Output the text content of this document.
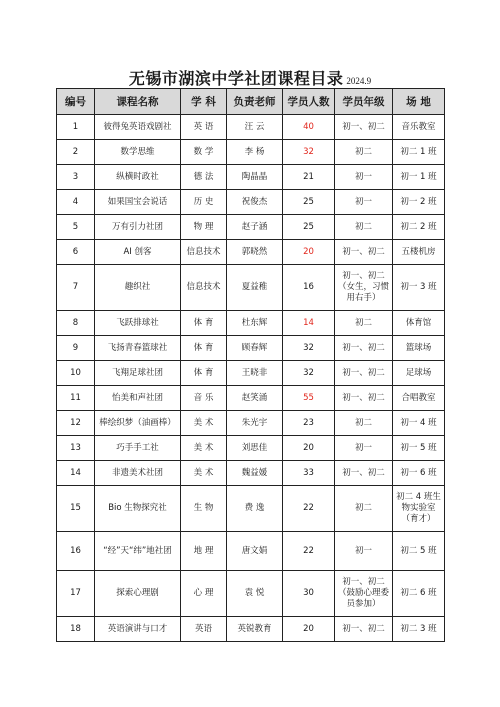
无锡市湖滨中学社团课程目录 2024.9
编号	课程名称	学 科	负责老师	学员人数	学员年级	场 地
1	彼得兔英语戏剧社	英 语	汪 云	40	初一、初二	音乐教室
2	数学思维	数 学	李 杨	32	初二	初二 1 班
3	纵横时政社	德 法	陶晶晶	21	初一	初一 1 班
4	如果国宝会说话	历 史	祝俊杰	25	初一	初一 2 班
5	万有引力社团	物 理	赵子涵	25	初二	初二 2 班
6	AI 创客	信息技术	郭晓然	20	初一、初二	五楼机房
7	趣织社	信息技术	夏益稚	16	初一、初二（女生，习惯用右手）	初一 3 班
8	飞跃排球社	体 育	杜东辉	14	初二	体育馆
9	飞扬青春篮球社	体 育	顾春辉	32	初一、初二	篮球场
10	飞翔足球社团	体 育	王晓非	32	初一、初二	足球场
11	怡美和声社团	音 乐	赵笑涌	55	初一、初二	合唱教室
12	棒绘织梦（油画棒）	美 术	朱光宇	23	初二	初一 4 班
13	巧手手工社	美 术	刘思佳	20	初一	初一 5 班
14	非遗美术社团	美 术	魏益媛	33	初一、初二	初一 6 班
15	Bio 生物探究社	生 物	费 逸	22	初二	初二 4 班生物实验室（育才）
16	“经”天“纬”地社团	地 理	唐文娟	22	初一	初二 5 班
17	探索心理剧	心 理	袁 悦	30	初一、初二（鼓励心理委员参加）	初二 6 班
18	英语演讲与口才	英语	英锐教育	20	初一、初二	初二 3 班
